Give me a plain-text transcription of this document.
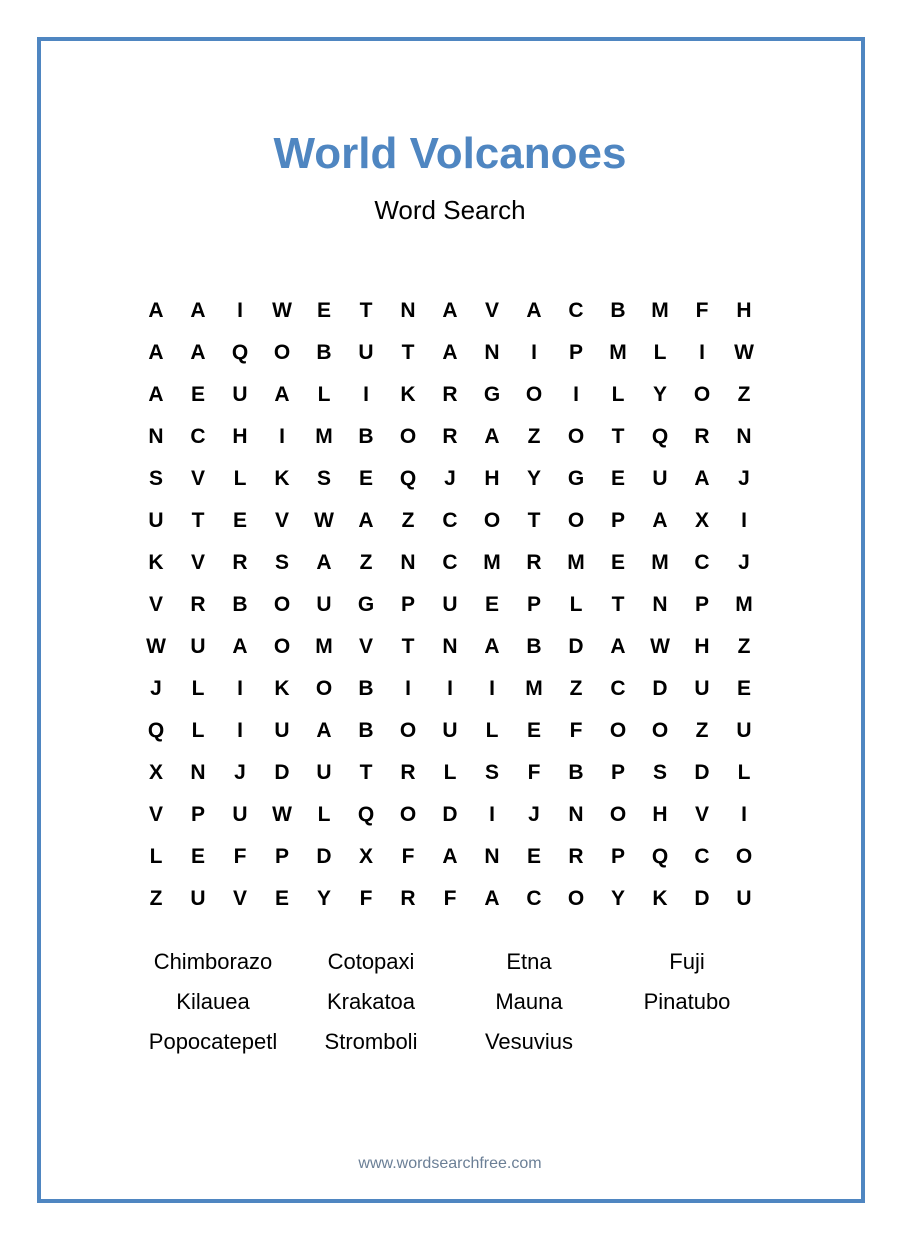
World Volcanoes
Word Search
A	A	I	W	E	T	N	A	V	A	C	B	M	F	H
A	A	Q	O	B	U	T	A	N	I	P	M	L	I	W
A	E	U	A	L	I	K	R	G	O	I	L	Y	O	Z
N	C	H	I	M	B	O	R	A	Z	O	T	Q	R	N
S	V	L	K	S	E	Q	J	H	Y	G	E	U	A	J
U	T	E	V	W	A	Z	C	O	T	O	P	A	X	I
K	V	R	S	A	Z	N	C	M	R	M	E	M	C	J
V	R	B	O	U	G	P	U	E	P	L	T	N	P	M
W	U	A	O	M	V	T	N	A	B	D	A	W	H	Z
J	L	I	K	O	B	I	I	I	M	Z	C	D	U	E
Q	L	I	U	A	B	O	U	L	E	F	O	O	Z	U
X	N	J	D	U	T	R	L	S	F	B	P	S	D	L
V	P	U	W	L	Q	O	D	I	J	N	O	H	V	I
L	E	F	P	D	X	F	A	N	E	R	P	Q	C	O
Z	U	V	E	Y	F	R	F	A	C	O	Y	K	D	U
Chimborazo	Cotopaxi	Etna	Fuji
Kilauea	Krakatoa	Mauna	Pinatubo
Popocatepetl	Stromboli	Vesuvius
www.wordsearchfree.com
